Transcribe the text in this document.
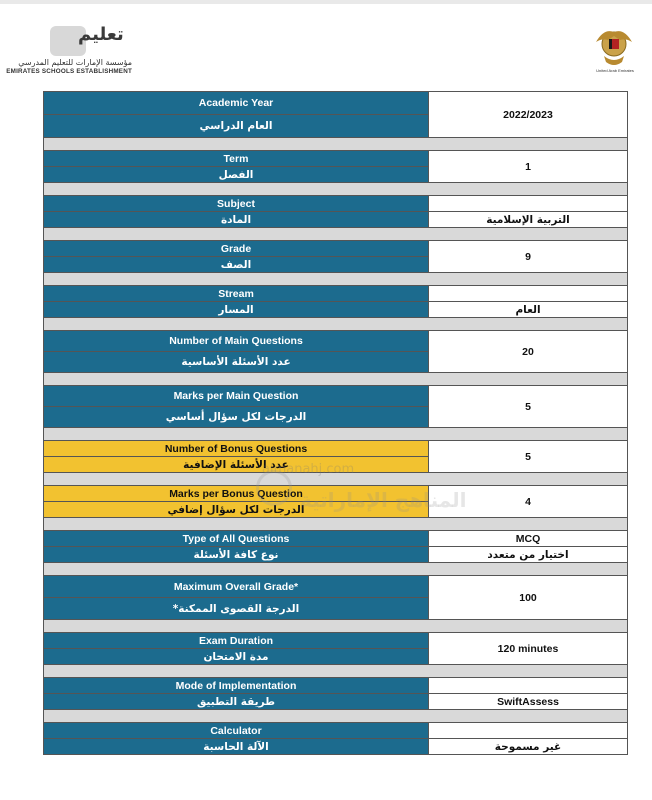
تعليم
مؤسسة الإمارات للتعليم المدرسي
EMIRATES SCHOOLS ESTABLISHMENT	United Arab Emirates
Academic Year	2022/2023
العام الدراسي	

Term	1
الفصل	

Subject	
المادة	التربية الإسلامية

Grade	9
الصف	

Stream	
المسار	العام

Number of Main Questions	20
عدد الأسئلة الأساسية	

Marks per Main Question	5
الدرجات لكل سؤال أساسي	

Number of Bonus Questions	5
عدد الأسئلة الإضافية	

Marks per Bonus Question	4
الدرجات لكل سؤال إضافي	

Type of All Questions	MCQ
نوع كافة الأسئلة	اختيار من متعدد

Maximum Overall Grade*	100
الدرجة القصوى الممكنة*	

Exam Duration	120 minutes
مدة الامتحان	

Mode of Implementation	
طريقة التطبيق	SwiftAssess

Calculator	
الآلة الحاسبة	غير مسموحة
almanahj.com
المناهج الإماراتية
